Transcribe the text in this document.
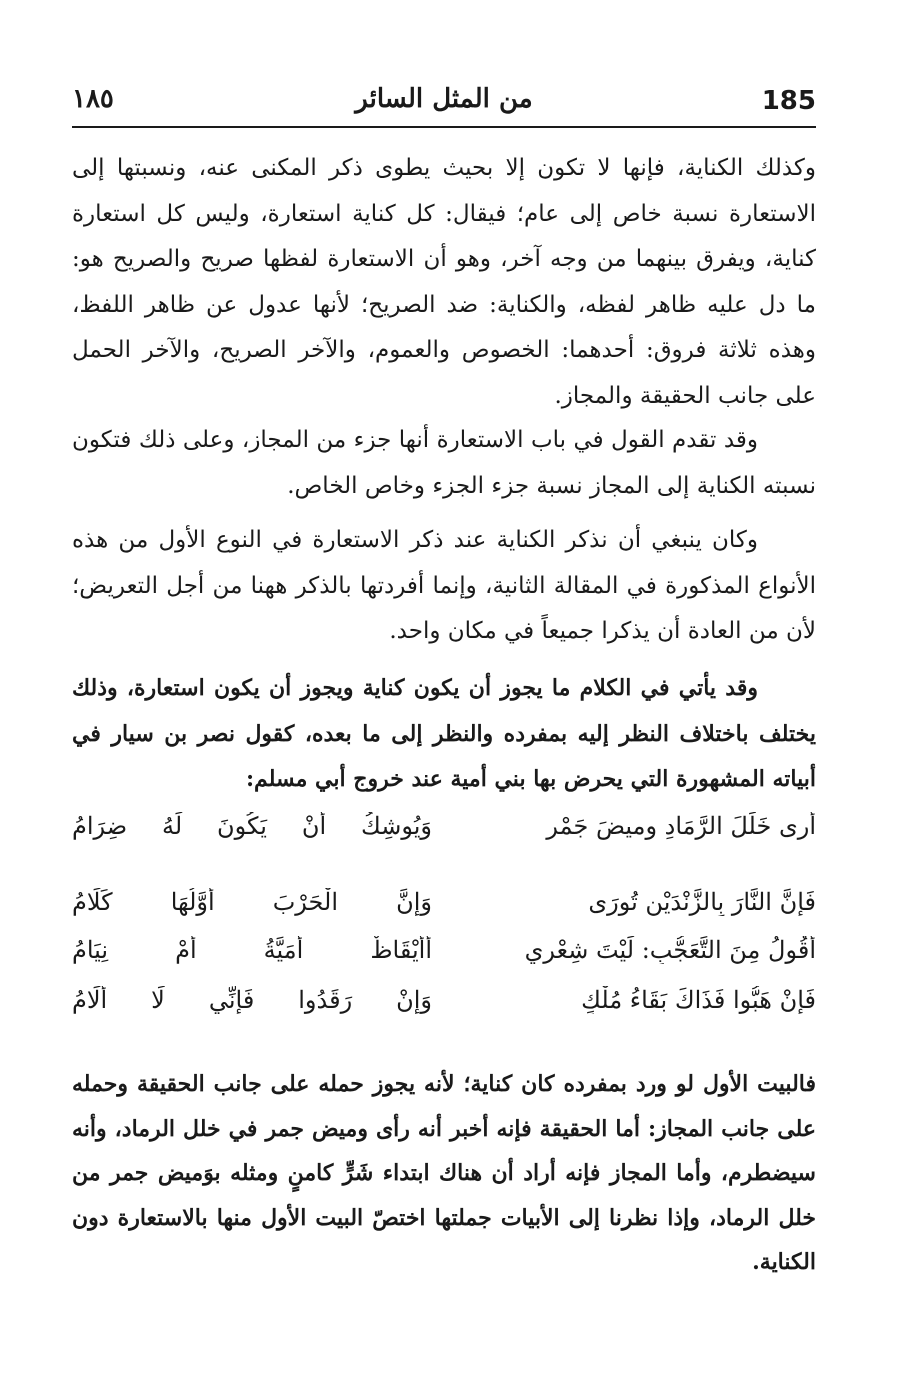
185
من المثل السائر
١٨٥

وكذلك الكناية، فإنها لا تكون إلا بحيث يطوى ذكر المكنى عنه، ونسبتها إلى الاستعارة نسبة خاص إلى عام؛ فيقال: كل كناية استعارة، وليس كل استعارة كناية، ويفرق بينهما من وجه آخر، وهو أن الاستعارة لفظها صريح والصريح هو: ما دل عليه ظاهر لفظه، والكناية: ضد الصريح؛ لأنها عدول عن ظاهر اللفظ، وهذه ثلاثة فروق: أحدهما: الخصوص والعموم، والآخر الصريح، والآخر الحمل على جانب الحقيقة والمجاز.

وقد تقدم القول في باب الاستعارة أنها جزء من المجاز، وعلى ذلك فتكون نسبته الكناية إلى المجاز نسبة جزء الجزء وخاص الخاص.

وكان ينبغي أن نذكر الكناية عند ذكر الاستعارة في النوع الأول من هذه الأنواع المذكورة في المقالة الثانية، وإنما أفردتها بالذكر ههنا من أجل التعريض؛ لأن من العادة أن يذكرا جميعاً في مكان واحد.

وقد يأتي في الكلام ما يجوز أن يكون كناية ويجوز أن يكون استعارة، وذلك يختلف باختلاف النظر إليه بمفرده والنظر إلى ما بعده، كقول نصر بن سيار في أبياته المشهورة التي يحرض بها بني أمية عند خروج أبي مسلم:

أرى خَلَلَ الرَّمَادِ وميضَ جَمْرٍ
وَيُوشِكُ أَنْ يَكُونَ لَهُ ضِرَامُ
فَإِنَّ النَّارَ بِالزَّنْدَيْنِ تُورَى
وَإِنَّ الْحَرْبَ أَوَّلُهَا كَلَامُ
أَقُولُ مِنَ التَّعَجُّبِ: لَيْتَ شِعْرِي
أَأَيْقَاظٌ أُمَيَّةُ أَمْ نِيَامُ
فَإِنْ هَبُّوا فَذَاكَ بَقَاءُ مُلْكٍ
وَإِنْ رَقَدُوا فَإِنِّي لَا أُلَامُ

فالبيت الأول لو ورد بمفرده كان كناية؛ لأنه يجوز حمله على جانب الحقيقة وحمله على جانب المجاز: أما الحقيقة فإنه أخبر أنه رأى وميض جمر في خلل الرماد، وأنه سيضطرم، وأما المجاز فإنه أراد أن هناك ابتداء شَرٍّ كامنٍ ومثله بوَميض جمر من خلل الرماد، وإذا نظرنا إلى الأبيات جملتها اختصّ البيت الأول منها بالاستعارة دون الكناية.
